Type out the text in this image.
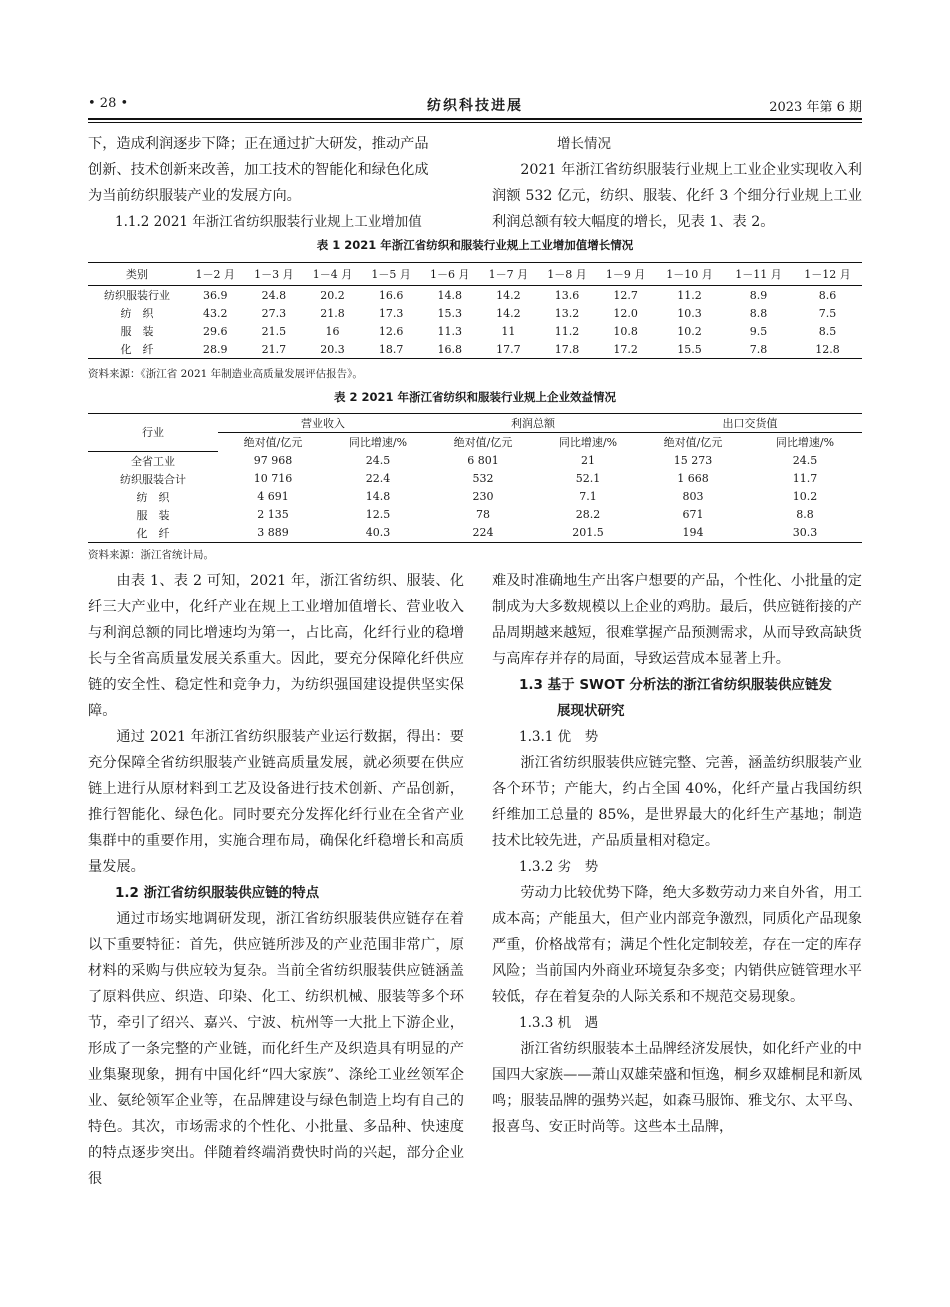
• 28 •	纺织科技进展	2023 年第 6 期

下，造成利润逐步下降；正在通过扩大研发，推动产品

创新、技术创新来改善，加工技术的智能化和绿色化成

为当前纺织服装产业的发展方向。

1.1.2 2021 年浙江省纺织服装行业规上工业增加值

增长情况

2021 年浙江省纺织服装行业规上工业企业实现收入利润额 532 亿元，纺织、服装、化纤 3 个细分行业规上工业利润总额有较大幅度的增长，见表 1、表 2。

表 1 2021 年浙江省纺织和服装行业规上工业增加值增长情况
类别	1－2 月	1－3 月	1－4 月	1－5 月	1－6 月	1－7 月	1－8 月	1－9 月	1－10 月	1－11 月	1－12 月
纺织服装行业	36.9	24.8	20.2	16.6	14.8	14.2	13.6	12.7	11.2	8.9	8.6
纺　织	43.2	27.3	21.8	17.3	15.3	14.2	13.2	12.0	10.3	8.8	7.5
服　装	29.6	21.5	16	12.6	11.3	11	11.2	10.8	10.2	9.5	8.5
化　纤	28.9	21.7	20.3	18.7	16.8	17.7	17.8	17.2	15.5	7.8	12.8
资料来源：《浙江省 2021 年制造业高质量发展评估报告》。
表 2 2021 年浙江省纺织和服装行业规上企业效益情况
行业	营业收入		利润总额		出口交货值	
	绝对值/亿元	同比增速/%	绝对值/亿元	同比增速/%	绝对值/亿元	同比增速/%
全省工业	97 968	24.5	6 801	21	15 273	24.5
纺织服装合计	10 716	22.4	532	52.1	1 668	11.7
纺　织	4 691	14.8	230	7.1	803	10.2
服　装	2 135	12.5	78	28.2	671	8.8
化　纤	3 889	40.3	224	201.5	194	30.3
资料来源：浙江省统计局。

由表 1、表 2 可知，2021 年，浙江省纺织、服装、化纤三大产业中，化纤产业在规上工业增加值增长、营业收入与利润总额的同比增速均为第一，占比高，化纤行业的稳增长与全省高质量发展关系重大。因此，要充分保障化纤供应链的安全性、稳定性和竞争力，为纺织强国建设提供坚实保障。

通过 2021 年浙江省纺织服装产业运行数据，得出：要充分保障全省纺织服装产业链高质量发展，就必须要在供应链上进行从原材料到工艺及设备进行技术创新、产品创新，推行智能化、绿色化。同时要充分发挥化纤行业在全省产业集群中的重要作用，实施合理布局，确保化纤稳增长和高质量发展。

1.2 浙江省纺织服装供应链的特点

通过市场实地调研发现，浙江省纺织服装供应链存在着以下重要特征：首先，供应链所涉及的产业范围非常广，原材料的采购与供应较为复杂。当前全省纺织服装供应链涵盖了原料供应、织造、印染、化工、纺织机械、服装等多个环节，牵引了绍兴、嘉兴、宁波、杭州等一大批上下游企业，形成了一条完整的产业链，而化纤生产及织造具有明显的产业集聚现象，拥有中国化纤“四大家族”、涤纶工业丝领军企业、氨纶领军企业等，在品牌建设与绿色制造上均有自己的特色。其次，市场需求的个性化、小批量、多品种、快速度的特点逐步突出。伴随着终端消费快时尚的兴起，部分企业很

难及时准确地生产出客户想要的产品，个性化、小批量的定制成为大多数规模以上企业的鸡肋。最后，供应链衔接的产品周期越来越短，很难掌握产品预测需求，从而导致高缺货与高库存并存的局面，导致运营成本显著上升。

1.3 基于 SWOT 分析法的浙江省纺织服装供应链发

展现状研究

1.3.1 优　势

浙江省纺织服装供应链完整、完善，涵盖纺织服装产业各个环节；产能大，约占全国 40%，化纤产量占我国纺织纤维加工总量的 85%，是世界最大的化纤生产基地；制造技术比较先进，产品质量相对稳定。

1.3.2 劣　势

劳动力比较优势下降，绝大多数劳动力来自外省，用工成本高；产能虽大，但产业内部竞争激烈，同质化产品现象严重，价格战常有；满足个性化定制较差，存在一定的库存风险；当前国内外商业环境复杂多变；内销供应链管理水平较低，存在着复杂的人际关系和不规范交易现象。

1.3.3 机　遇

浙江省纺织服装本土品牌经济发展快，如化纤产业的中国四大家族——萧山双雄荣盛和恒逸，桐乡双雄桐昆和新凤鸣；服装品牌的强势兴起，如森马服饰、雅戈尔、太平鸟、报喜鸟、安正时尚等。这些本土品牌，
